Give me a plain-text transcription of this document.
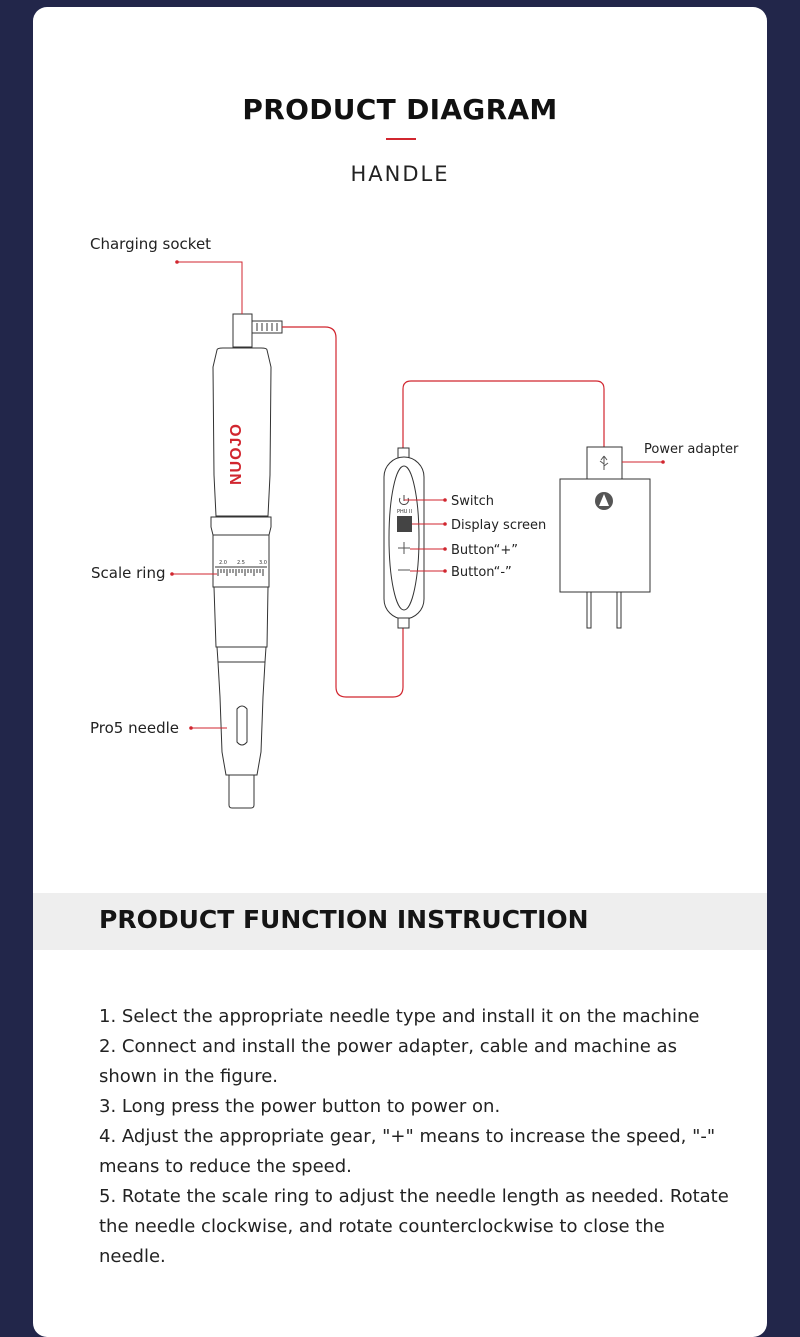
PRODUCT DIAGRAM
HANDLE
NUOJO
3.0
2.5
2.0
PHU II
Charging socket
Scale ring
Pro5 needle
Switch
Display screen
Button“+”
Button“-”
Power adapter
PRODUCT FUNCTION INSTRUCTION
1. Select the appropriate needle type and install it on the machine
2. Connect and install the power adapter, cable and machine as shown in the figure.
3. Long press the power button to power on.
4. Adjust the appropriate gear, "+" means to increase the speed, "-" means to reduce the speed.
5. Rotate the scale ring to adjust the needle length as needed. Rotate the needle clockwise, and rotate counterclockwise to close the needle.
